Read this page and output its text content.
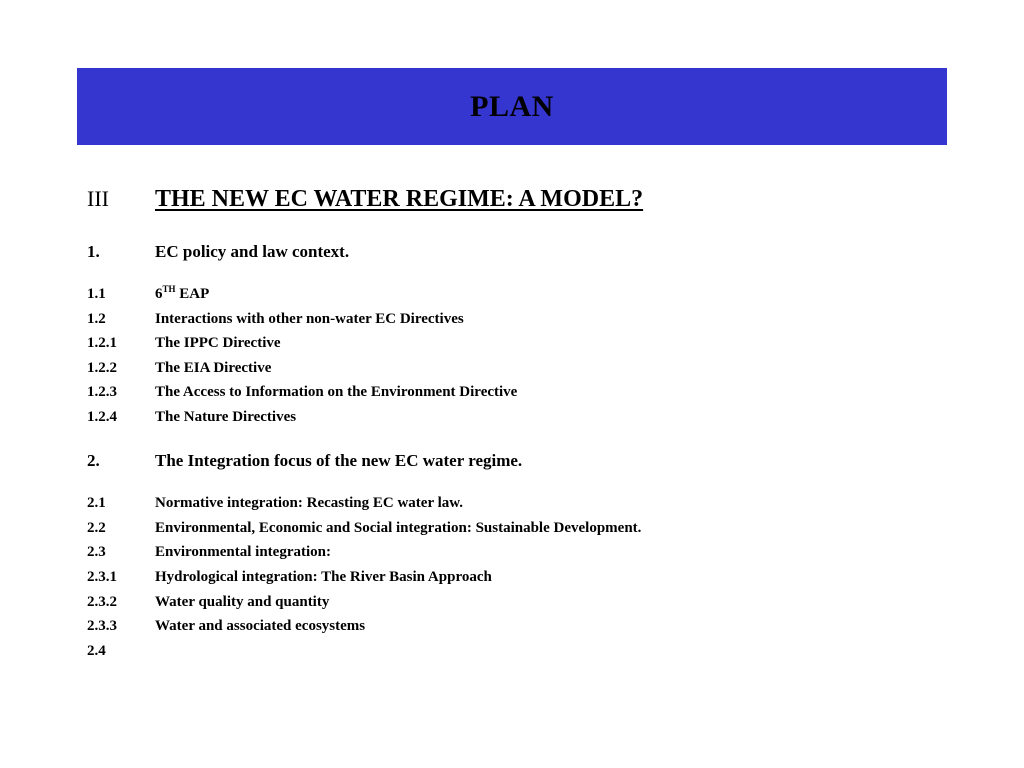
PLAN
III	THE NEW EC WATER REGIME: A MODEL?
1.	EC policy and law context.
1.1	6TH EAP
1.2	Interactions with other non-water EC Directives
1.2.1	The IPPC Directive
1.2.2	The EIA Directive
1.2.3	The Access to Information on the Environment Directive
1.2.4	The Nature Directives
2.	The Integration focus of the new EC water regime.
2.1	Normative integration: Recasting EC water law.
2.2	Environmental, Economic and Social integration: Sustainable Development.
2.3	Environmental integration:
2.3.1	Hydrological integration: The River Basin Approach
2.3.2	Water quality and quantity
2.3.3	Water and associated ecosystems
2.4
